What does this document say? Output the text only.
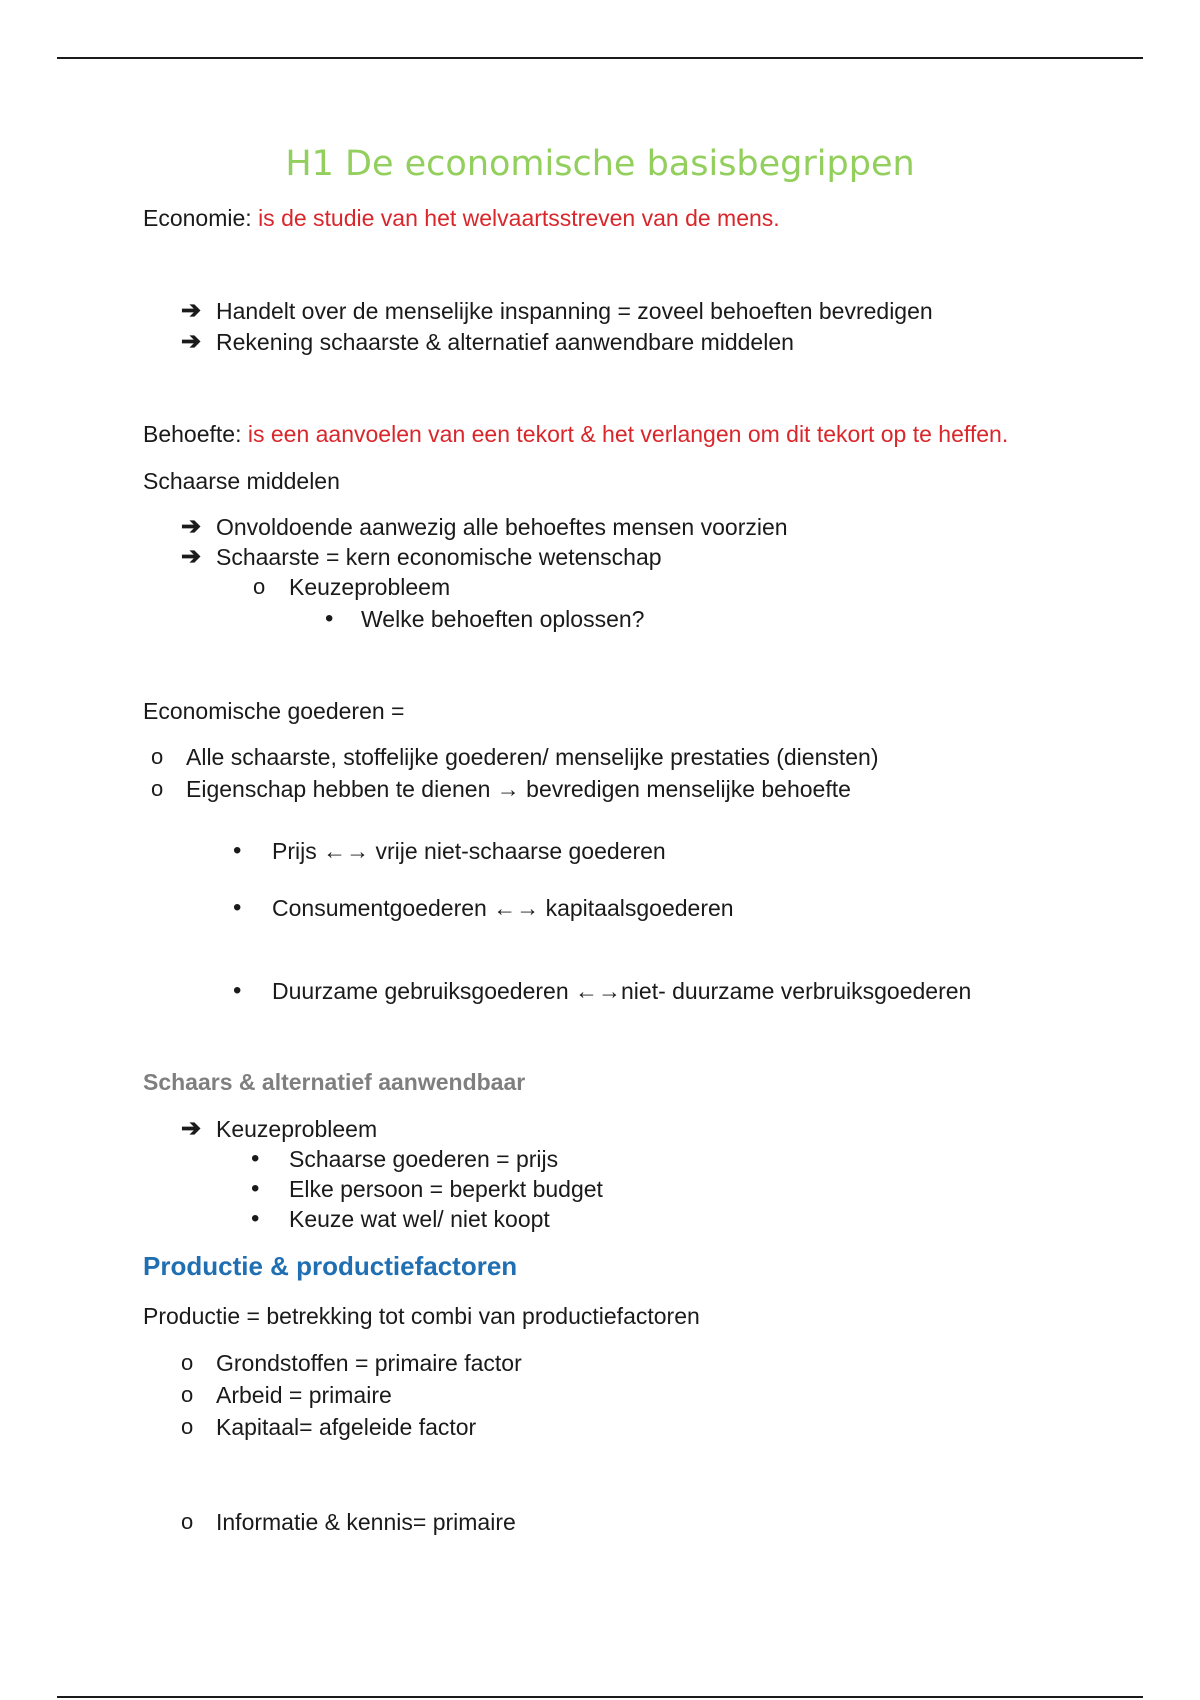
H1 De economische basisbegrippen
Economie: is de studie van het welvaartsstreven van de mens.
➔ Handelt over de menselijke inspanning = zoveel behoeften bevredigen
➔ Rekening schaarste & alternatief aanwendbare middelen
Behoefte: is een aanvoelen van een tekort & het verlangen om dit tekort op te heffen.
Schaarse middelen
➔ Onvoldoende aanwezig alle behoeftes mensen voorzien
➔ Schaarste = kern economische wetenschap
o Keuzeprobleem
• Welke behoeften oplossen?
Economische goederen =
o Alle schaarste, stoffelijke goederen/ menselijke prestaties (diensten)
o Eigenschap hebben te dienen → bevredigen menselijke behoefte
• Prijs ←→ vrije niet-schaarse goederen
• Consumentgoederen ←→ kapitaalsgoederen
• Duurzame gebruiksgoederen ←→niet- duurzame verbruiksgoederen
Schaars & alternatief aanwendbaar
➔ Keuzeprobleem
• Schaarse goederen = prijs
• Elke persoon = beperkt budget
• Keuze wat wel/ niet koopt
Productie & productiefactoren
Productie = betrekking tot combi van productiefactoren
o Grondstoffen = primaire factor
o Arbeid = primaire
o Kapitaal= afgeleide factor
o Informatie & kennis= primaire
